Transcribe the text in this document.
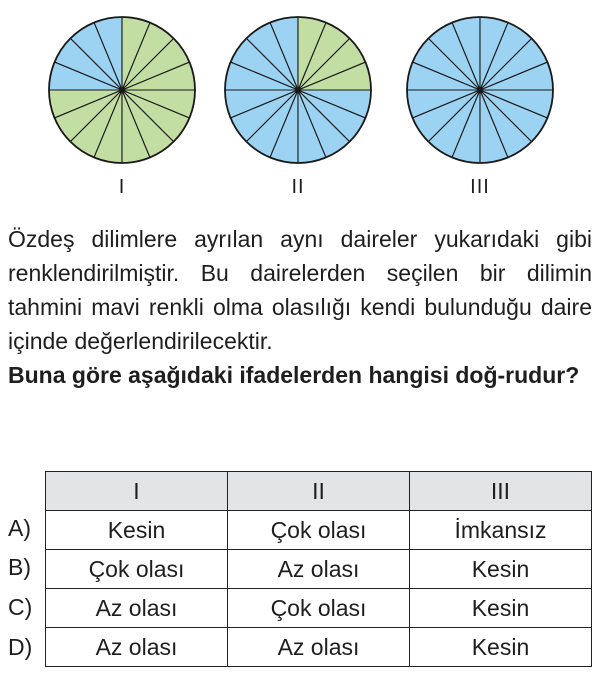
I	II	III

Özdeş dilimlere ayrılan aynı daireler yukarıdaki gibi renklendirilmiştir. Bu dairelerden seçilen bir dilimin tahmini mavi renkli olma olasılığı kendi bulunduğu daire içinde değerlendirilecektir.

Buna göre aşağıdaki ifadelerden hangisi doğ-rudur?

A)
B)
C)
D)
I	II	III
Kesin	Çok olası	İmkansız
Çok olası	Az olası	Kesin
Az olası	Çok olası	Kesin
Az olası	Az olası	Kesin
